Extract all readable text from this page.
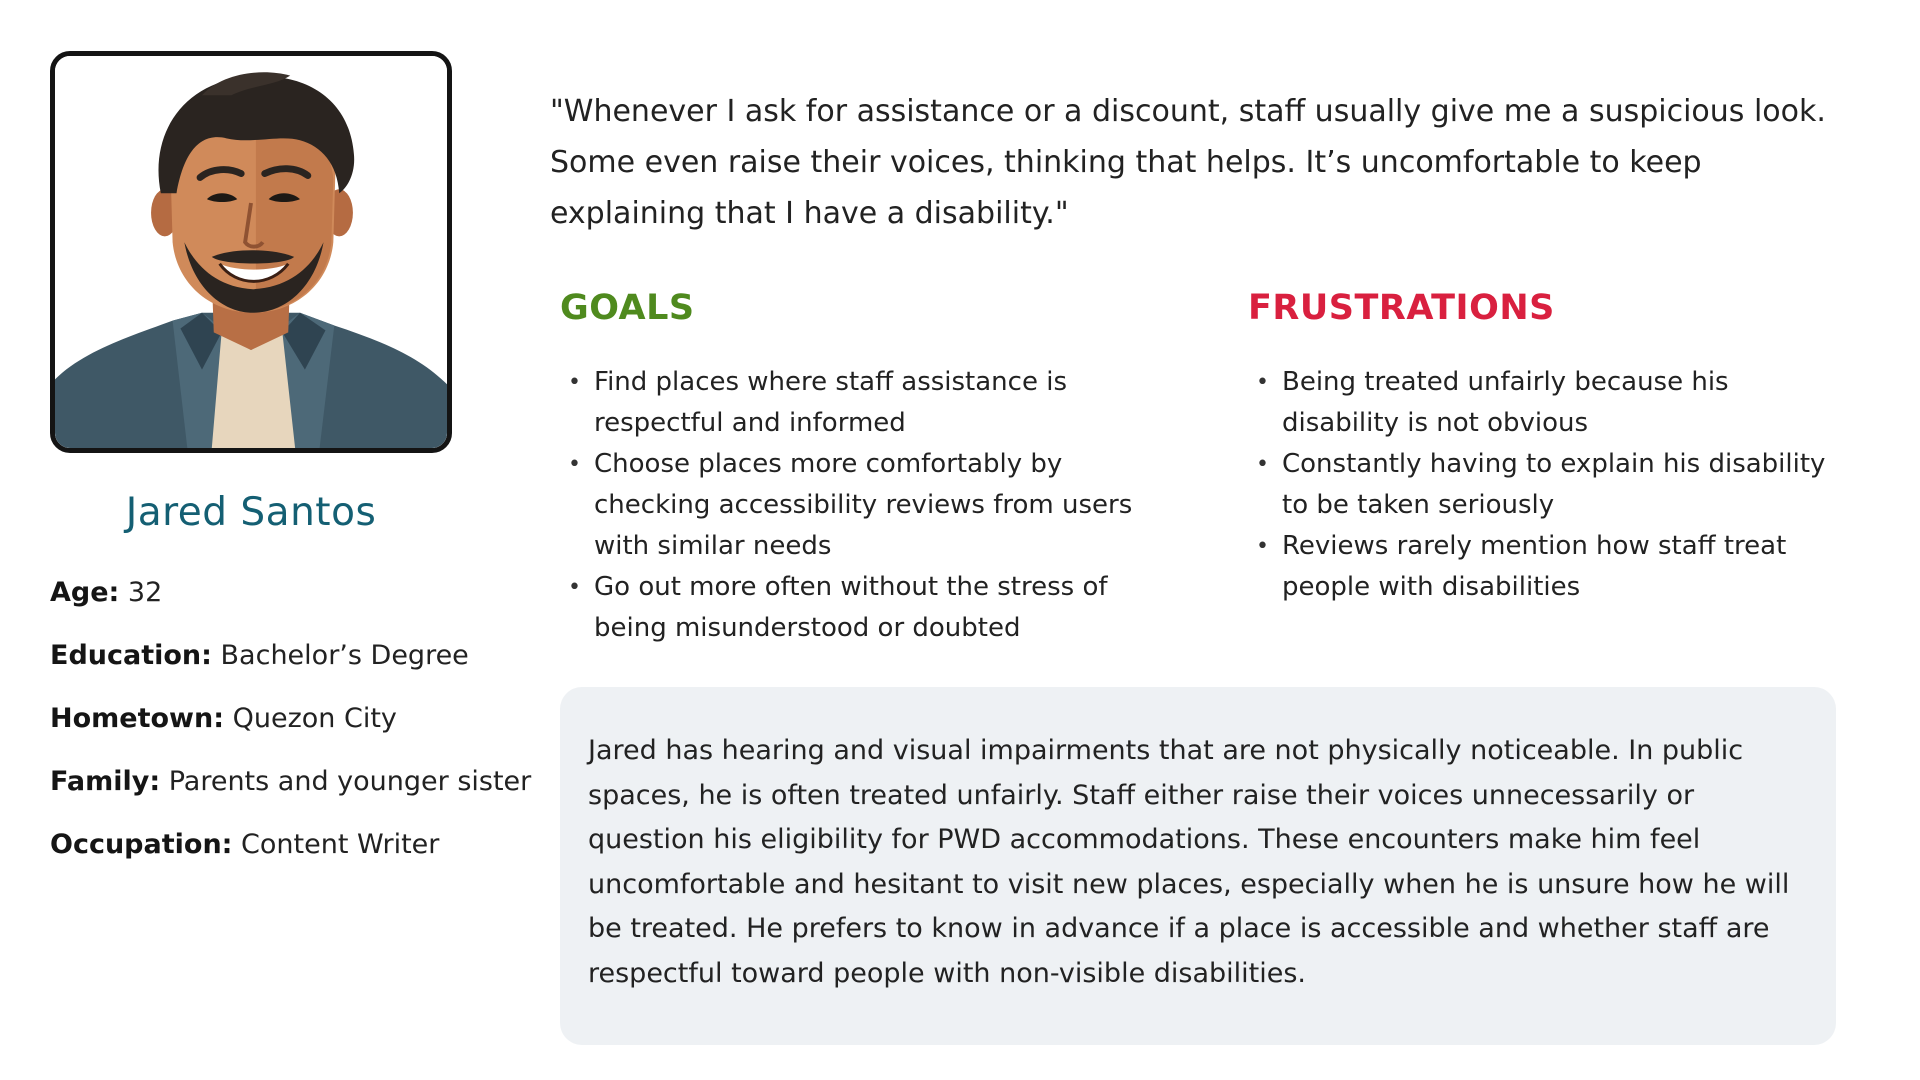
Jared Santos
Age: 32
Education: Bachelor’s Degree
Hometown: Quezon City
Family: Parents and younger sister
Occupation: Content Writer

"Whenever I ask for assistance or a discount, staff usually give me a suspicious look. Some even raise their voices, thinking that helps. It’s uncomfortable to keep explaining that I have a disability."

GOALS
• Find places where staff assistance is respectful and informed
• Choose places more comfortably by checking accessibility reviews from users with similar needs
• Go out more often without the stress of being misunderstood or doubted
FRUSTRATIONS
• Being treated unfairly because his disability is not obvious
• Constantly having to explain his disability to be taken seriously
• Reviews rarely mention how staff treat people with disabilities

Jared has hearing and visual impairments that are not physically noticeable. In public spaces, he is often treated unfairly. Staff either raise their voices unnecessarily or question his eligibility for PWD accommodations. These encounters make him feel uncomfortable and hesitant to visit new places, especially when he is unsure how he will be treated. He prefers to know in advance if a place is accessible and whether staff are respectful toward people with non-visible disabilities.
